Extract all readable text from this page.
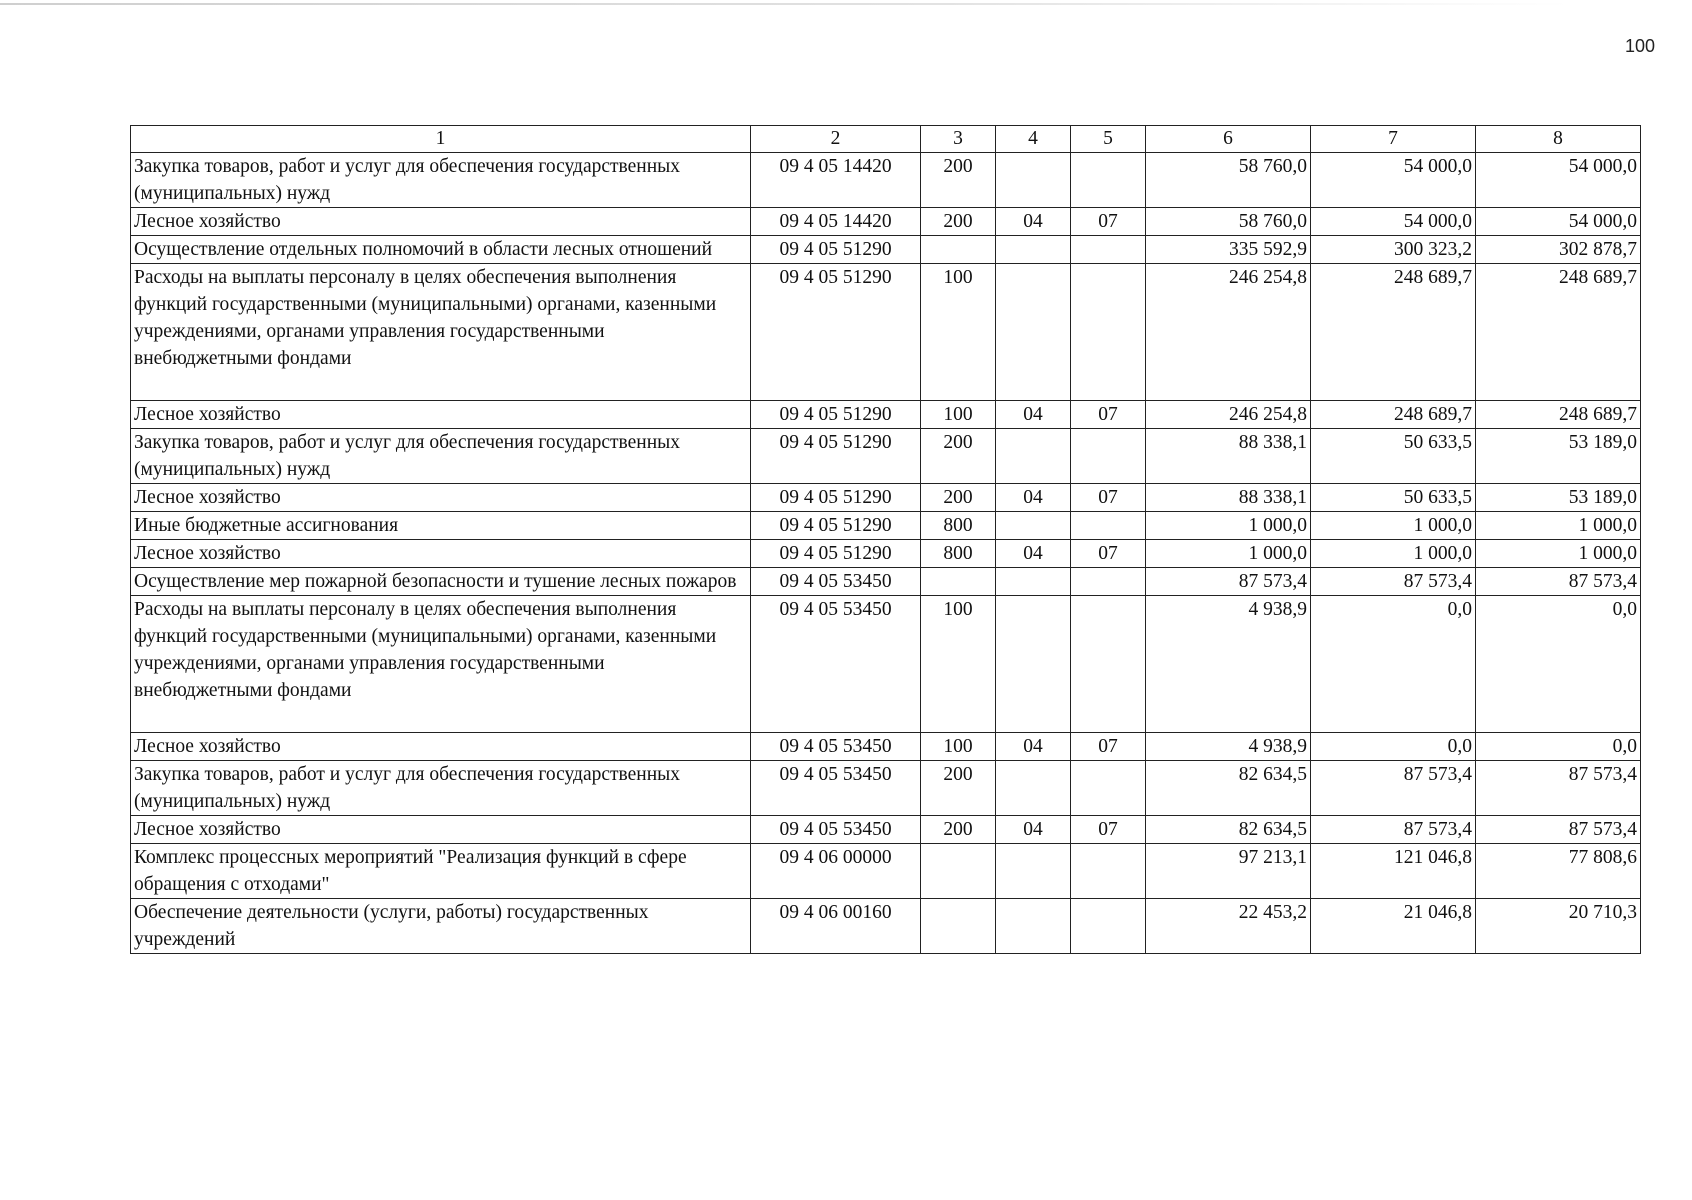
100
1	2	3	4	5	6	7	8
Закупка товаров, работ и услуг для обеспечения государственных (муниципальных) нужд	09 4 05 14420	200			58 760,0	54 000,0	54 000,0
Лесное хозяйство	09 4 05 14420	200	04	07	58 760,0	54 000,0	54 000,0
Осуществление отдельных полномочий в области лесных отношений	09 4 05 51290				335 592,9	300 323,2	302 878,7
Расходы на выплаты персоналу в целях обеспечения выполнения функций государственными (муниципальными) органами, казенными учреждениями, органами управления государственными внебюджетными фондами	09 4 05 51290	100			246 254,8	248 689,7	248 689,7
Лесное хозяйство	09 4 05 51290	100	04	07	246 254,8	248 689,7	248 689,7
Закупка товаров, работ и услуг для обеспечения государственных (муниципальных) нужд	09 4 05 51290	200			88 338,1	50 633,5	53 189,0
Лесное хозяйство	09 4 05 51290	200	04	07	88 338,1	50 633,5	53 189,0
Иные бюджетные ассигнования	09 4 05 51290	800			1 000,0	1 000,0	1 000,0
Лесное хозяйство	09 4 05 51290	800	04	07	1 000,0	1 000,0	1 000,0
Осуществление мер пожарной безопасности и тушение лесных пожаров	09 4 05 53450				87 573,4	87 573,4	87 573,4
Расходы на выплаты персоналу в целях обеспечения выполнения функций государственными (муниципальными) органами, казенными учреждениями, органами управления государственными внебюджетными фондами	09 4 05 53450	100			4 938,9	0,0	0,0
Лесное хозяйство	09 4 05 53450	100	04	07	4 938,9	0,0	0,0
Закупка товаров, работ и услуг для обеспечения государственных (муниципальных) нужд	09 4 05 53450	200			82 634,5	87 573,4	87 573,4
Лесное хозяйство	09 4 05 53450	200	04	07	82 634,5	87 573,4	87 573,4
Комплекс процессных мероприятий "Реализация функций в сфере обращения с отходами"	09 4 06 00000				97 213,1	121 046,8	77 808,6
Обеспечение деятельности (услуги, работы) государственных учреждений	09 4 06 00160				22 453,2	21 046,8	20 710,3
